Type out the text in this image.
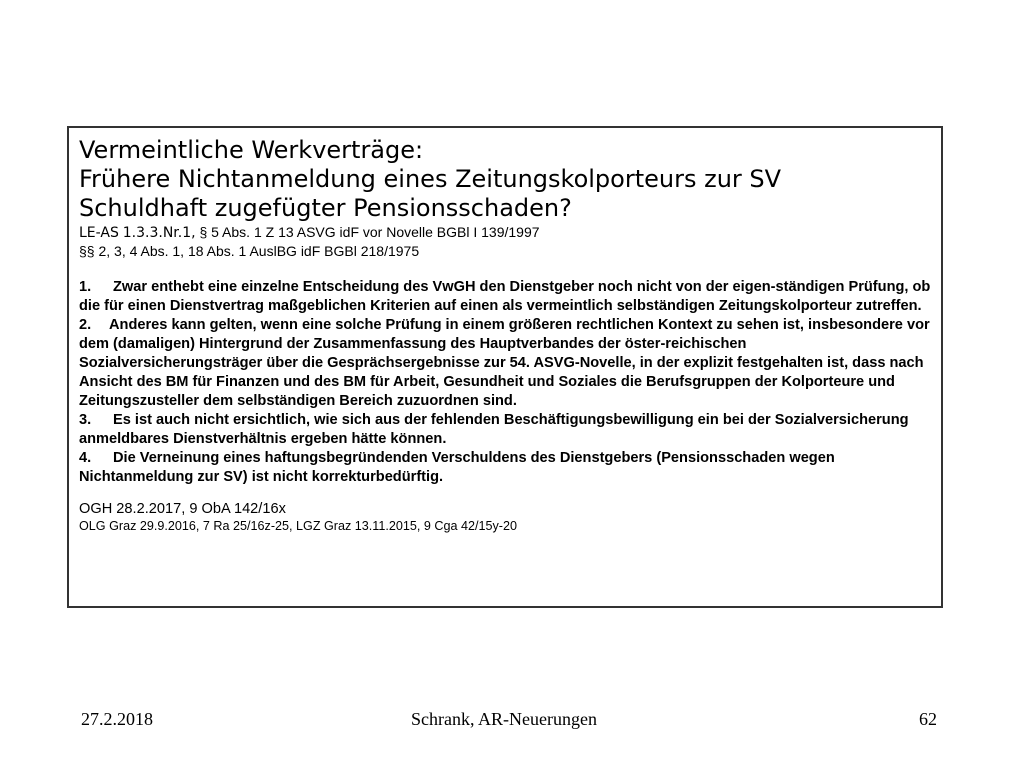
Vermeintliche Werkverträge:
Frühere Nichtanmeldung eines Zeitungskolporteurs zur SV
Schuldhaft zugefügter Pensionsschaden?
LE-AS 1.3.3.Nr.1, § 5 Abs. 1 Z 13 ASVG idF vor Novelle BGBl I 139/1997
§§ 2, 3, 4 Abs. 1, 18 Abs. 1 AuslBG idF BGBl 218/1975

1. Zwar enthebt eine einzelne Entscheidung des VwGH den Dienstgeber noch nicht von der eigen-ständigen Prüfung, ob die für einen Dienstvertrag maßgeblichen Kriterien auf einen als vermeintlich selbständigen Zeitungskolporteur zutreffen.

2. Anderes kann gelten, wenn eine solche Prüfung in einem größeren rechtlichen Kontext zu sehen ist, insbesondere vor dem (damaligen) Hintergrund der Zusammenfassung des Hauptverbandes der öster-reichischen Sozialversicherungsträger über die Gesprächsergebnisse zur 54. ASVG-Novelle, in der explizit festgehalten ist, dass nach Ansicht des BM für Finanzen und des BM für Arbeit, Gesundheit und Soziales die Berufsgruppen der Kolporteure und Zeitungszusteller dem selbständigen Bereich zuzuordnen sind.

3. Es ist auch nicht ersichtlich, wie sich aus der fehlenden Beschäftigungsbewilligung ein bei der Sozialversicherung anmeldbares Dienstverhältnis ergeben hätte können.

4. Die Verneinung eines haftungsbegründenden Verschuldens des Dienstgebers (Pensionsschaden wegen Nichtanmeldung zur SV) ist nicht korrekturbedürftig.

OGH 28.2.2017, 9 ObA 142/16x
OLG Graz 29.9.2016, 7 Ra 25/16z-25, LGZ Graz 13.11.2015, 9 Cga 42/15y-20
27.2.2018	Schrank, AR-Neuerungen	62
